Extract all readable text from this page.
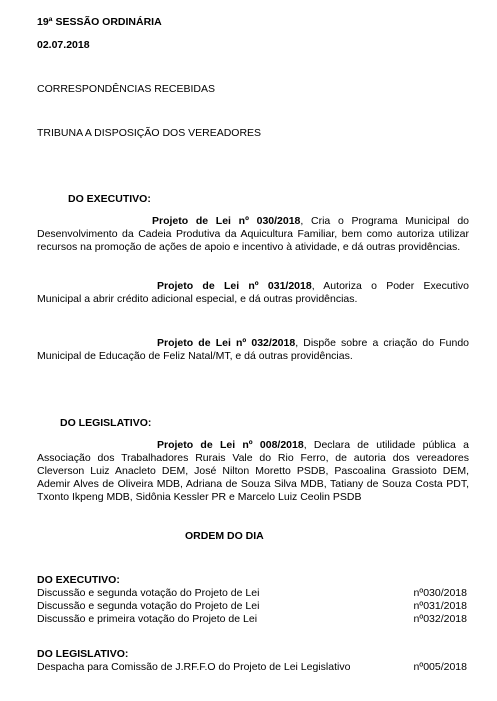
19ª SESSÃO ORDINÁRIA
02.07.2018
CORRESPONDÊNCIAS RECEBIDAS
TRIBUNA A DISPOSIÇÃO DOS VEREADORES
DO EXECUTIVO:
Projeto de Lei nº 030/2018, Cria o Programa Municipal do
Desenvolvimento da Cadeia Produtiva da Aquicultura Familiar, bem como autoriza utilizar recursos na promoção de ações de apoio e incentivo à atividade, e dá outras providências.
Projeto de Lei nº 031/2018, Autoriza o Poder Executivo
Municipal a abrir crédito adicional especial, e dá outras providências.
Projeto de Lei nº 032/2018, Dispõe sobre a criação do Fundo
Municipal de Educação de Feliz Natal/MT, e dá outras providências.
DO LEGISLATIVO:
Projeto de Lei nº 008/2018, Declara de utilidade pública a
Associação dos Trabalhadores Rurais Vale do Rio Ferro, de autoria dos vereadores Cleverson Luiz Anacleto DEM, José Nilton Moretto PSDB, Pascoalina Grassioto DEM, Ademir Alves de Oliveira MDB, Adriana de Souza Silva MDB, Tatiany de Souza Costa PDT, Txonto Ikpeng MDB, Sidônia Kessler PR e Marcelo Luiz Ceolin PSDB
ORDEM DO DIA
DO EXECUTIVO:
Discussão e segunda votação do Projeto de Lei	nº030/2018
Discussão e segunda votação do Projeto de Lei	nº031/2018
Discussão e primeira votação do Projeto de Lei	nº032/2018
DO LEGISLATIVO:
Despacha para Comissão de J.RF.F.O do Projeto de Lei Legislativo	nº005/2018
